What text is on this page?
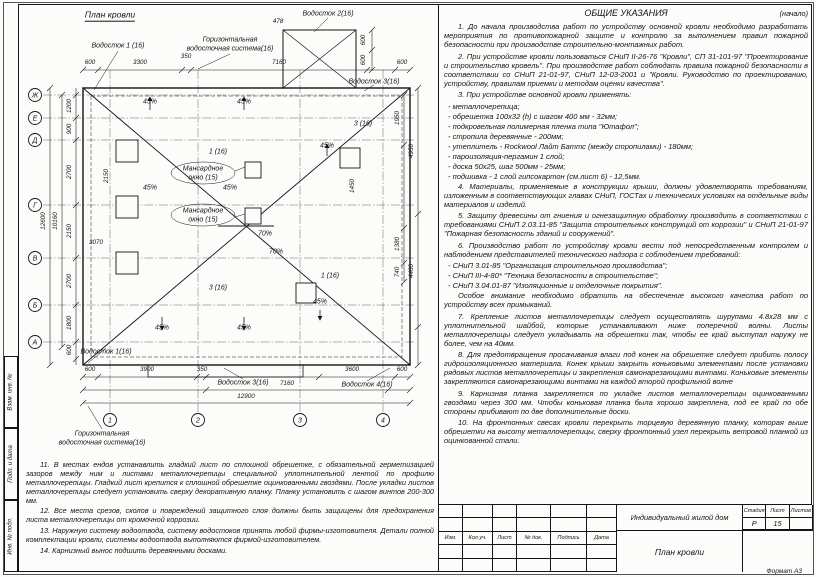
Взам. инв. №
Подп. и дата
Инв. № подл.
Ж
Е
Д
Г
В
Б
А
1	2	3	4
План кровли	Водосток 2(16)
478
Водосток 1 (16)
Горизонтальная
водосточная система(16)
Водосток 3(16)
600	3300
350
7160	600
600
600
1200
900
2700
2150
2700
1800
600
10160
12600
2150
3070
45%	45%
45%	45%
45%	45%
45%
45%
70%
70%
1 (16)
3 (16)
1 (16)
3 (16)
Мансардное
окно (15)
Мансардное
окно (15)
1450
1950
1380
740
4950
4460
Водосток 1(16)
Водосток 3(16)	Водосток 4(16)
600	3900	350	3600	600
7160
12900
Горизонтальная
водосточная система(16)

11. В местах ендов устанавлить гладкий лист по сплошной обрешетке, с обязательной герметизацией зазоров между ним и листами металлочерепицы специальной уплотнительной лентой по профилю металлочерепицы. Гладкий лист крепится к сплошной обрешетке оцинкованными гвоздями. После укладки листов металлочерепицы следует установить сверху декоративную планку. Планку установить с шагом винтов 200-300 мм.

12. Все места срезов, сколов и повреждений защитного слоя должны быть защищены для предохранения листа металлочерепицы от кромочной коррозии.

13. Наружную систему водоотвода, систему водостоков принять любой фирмы-изготовителя. Детали полной комплектации кровли, системы водоотвода выполняются фирмой-изготовителем.

14. Карнизный вынос подшить деревянными досками.

ОБЩИЕ УКАЗАНИЯ	(начало)

1. До начала производства работ по устройству основной кровли необходимо разработать мероприятия по противопожарной защите и контролю за выполнением правил пожарной безопасности при производстве строительно-монтажных работ.

2. При устройстве кровли пользоваться СНиП II-26-76 "Кровли", СП 31-101-97 "Проектирование и строительство кровель". При производстве работ соблюдать правила пожарной безопасности в соответствии со СНиП 21-01-97, СНиП 12-03-2001 и "Кровли. Руководство по проектированию, устройству, правилам приемки и методам оценки качества".

3. При устройстве основной кровли применять:

- металлочерепица;

- обрешетка 100х32 (h) с шагом 400 мм - 32мм;

- подкровельная полимерная пленка типа "Ютафол";

- стропила деревянные - 200мм;

- утеплитель - Rockwool Лайт Баттс (между стропилами) - 180мм;

- пароизоляция-пергамин 1 слой;

- доска 50х25, шаг 500мм - 25мм;

- подшивка - 1 слой гипсокартон (см.лист 6) - 12,5мм.

4. Материалы, применяемые в конструкции крыши, должны удовлетворять требованиям, изложенным в соответствующих главах СНиП, ГОСТах и технических условиях на отдельные виды материалов и изделий.

5. Защиту древесины от гниения и огнезащитную обработку производить в соответствии с требованиями СНиП 2.03.11-85 "Защита строительных конструкций от коррозии" и СНиП 21-01-97 "Пожарная безопасность зданий и сооружений".

6. Производство работ по устройству кровли вести под непосредственным контролем и наблюдением представителей технического надзора с соблюдением требований:

- СНиП 3.01-85 "Организация строительного производства";

- СНиП III-4-80* "Техника безопасности в строительстве";

- СНиП 3.04.01-87 "Изоляционные и отделочные покрытия".

Особое внимание необходимо обратить на обеспечение высокого качества работ по устройству всех примыканий.

7. Крепление листов металлочерепицы следует осуществлять шурупами 4.8х28 мм с уплотнительной шайбой, которые устанавливают ниже поперечной волны. Листы металлочерепицы следует укладывать на обрешетки так, чтобы ее край выступал наружу не более, чем на 40мм.

8. Для предотвращения просачивания влаги под конек на обрешетке следует прибить полосу гидроизоляционного материала. Конек крыши закрыть коньковыми элементами после установки рядовых листов металлочерепицы и закрепления самонарезающими винтами. Коньковые элементы закрепляются самонарезающими винтами на каждой второй профильной волне

9. Карнизная планка закрепляется по укладке листов металлочерепицы оцинкованными гвоздями через 300 мм. Чтобы коньковая планка была хорошо закреплена, под ее край по обе стороны прибивают по две дополнительные доски.

10. На фронтонных свесах кровли перекрыть торцевую деревянную планку, которая выше обрешетки на высоту металлочерепицы, сверху фронтонный узел перекрыть ветровой планкой из оцинкованной стали.

Изм.	Кол.уч.	Лист	№ док.	Подпись	Дата
Индивидуальный жилой дом
Стадия	Лист	Листов
Р	15
План кровли
Формат А3
